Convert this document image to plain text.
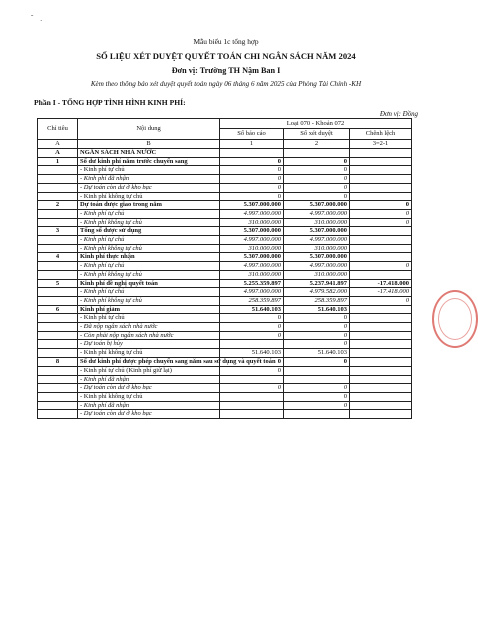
ˇ ·
Mẫu biểu 1c tổng hợp
SỐ LIỆU XÉT DUYỆT QUYẾT TOÁN CHI NGÂN SÁCH NĂM 2024
Đơn vị: Trường TH Nậm Ban I
Kèm theo thông báo xét duyệt quyết toán ngày 06 tháng 6 năm 2025 của Phòng Tài Chính -KH
Phần I - TỔNG HỢP TÌNH HÌNH KINH PHÍ:
Đơn vị: Đồng
Chỉ tiêu	Nội dung	Loại 070 - Khoản 072		
		Số báo cáo	Số xét duyệt	Chênh lệch
A	B	1	2	3=2-1
A	NGÂN SÁCH NHÀ NƯỚC			
1	Số dư kinh phí năm trước chuyển sang	0	0	
	- Kinh phí tự chủ	0	0	
	- Kinh phí đã nhận	0	0	
	- Dự toán còn dư ở kho bạc	0	0	
	- Kinh phí không tự chủ	0	0	
2	Dự toán được giao trong năm	5.307.000.000	5.307.000.000	0
	- Kinh phí tự chủ	4.997.000.000	4.997.000.000	0
	- Kinh phí không tự chủ	310.000.000	310.000.000	0
3	Tổng số được sử dụng	5.307.000.000	5.307.000.000	
	- Kinh phí tự chủ	4.997.000.000	4.997.000.000	
	- Kinh phí không tự chủ	310.000.000	310.000.000	
4	Kinh phí thực nhận	5.307.000.000	5.307.000.000	
	- Kinh phí tự chủ	4.997.000.000	4.997.000.000	0
	- Kinh phí không tự chủ	310.000.000	310.000.000	
5	Kinh phí đề nghị quyết toán	5.255.359.897	5.237.941.897	-17.418.000
	- Kinh phí tự chủ	4.997.000.000	4.979.582.000	-17.418.000
	- Kinh phí không tự chủ	258.359.897	258.359.897	0
6	Kinh phí giảm	51.640.103	51.640.103	
	- Kinh phí tự chủ	0	0	
	- Đã nộp ngân sách nhà nước	0	0	
	- Còn phải nộp ngân sách nhà nước	0	0	
	- Dự toán bị hủy		0	
	- Kinh phí không tự chủ	51.640.103	51.640.103	
8	Số dư kinh phí được phép chuyển sang năm sau sử dụng và quyết toán	0	0	
	- Kinh phí tự chủ (Kinh phí giữ lại)	0		
	- Kinh phí đã nhận			
	- Dự toán còn dư ở kho bạc	0	0	
	- Kinh phí không tự chủ		0	
	- Kinh phí đã nhận		0	
	- Dự toán còn dư ở kho bạc			
